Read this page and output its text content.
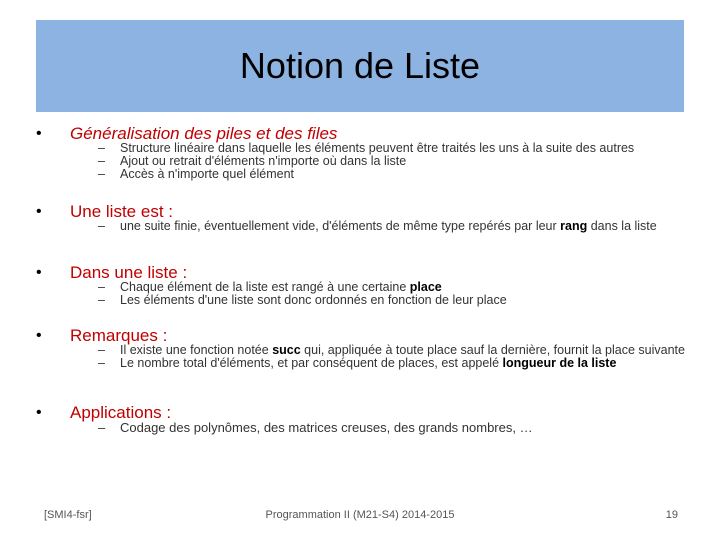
Notion de Liste
• Généralisation des piles et des files
– Structure linéaire dans laquelle les éléments peuvent être traités les uns à la suite des autres
– Ajout ou retrait d'éléments n'importe où dans la liste
– Accès à n'importe quel élément
• Une liste est :
– une suite finie, éventuellement vide, d'éléments de même type repérés par leur rang dans la liste
• Dans une liste :
– Chaque élément de la liste est rangé à une certaine place
– Les éléments d'une liste sont donc ordonnés en fonction de leur place
• Remarques :
– Il existe une fonction notée succ qui, appliquée à toute place sauf la dernière, fournit la place suivante
– Le nombre total d'éléments, et par conséquent de places, est appelé longueur de la liste
• Applications :
– Codage des polynômes, des matrices creuses, des grands nombres, …
[SMI4-fsr]	Programmation II (M21-S4) 2014-2015	19
